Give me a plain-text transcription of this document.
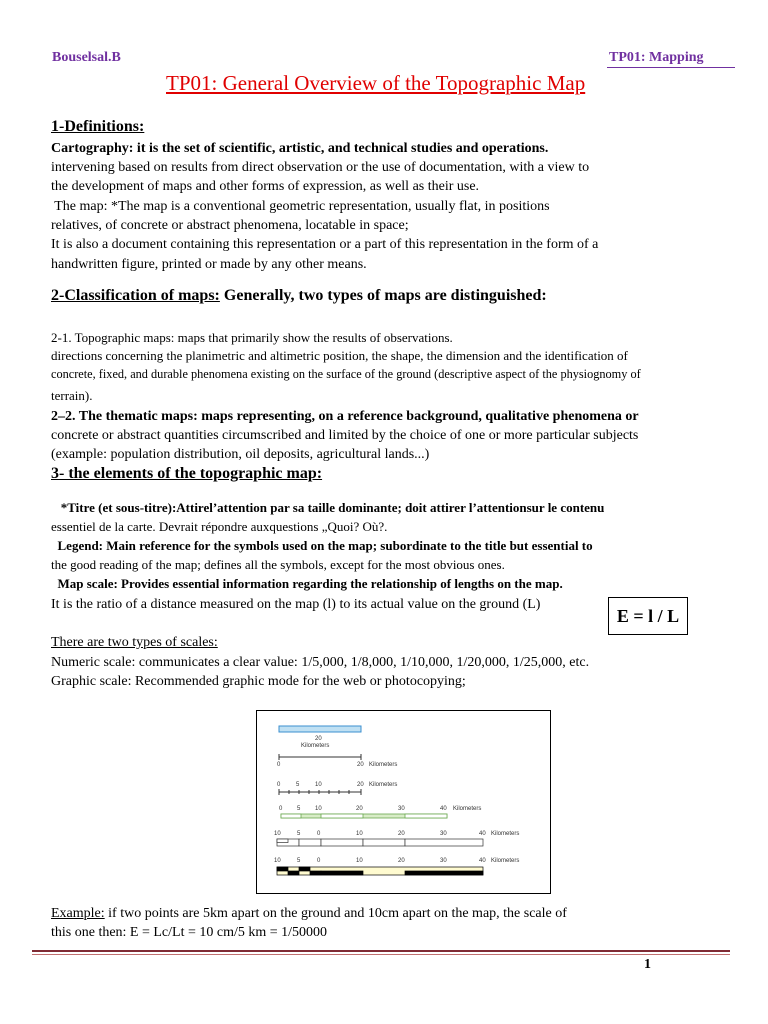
Bouselsal.B	TP01: Mapping
TP01: General Overview of the Topographic Map
1-Definitions:
Cartography: it is the set of scientific, artistic, and technical studies and operations.
intervening based on results from direct observation or the use of documentation, with a view to
the development of maps and other forms of expression, as well as their use.
The map: *The map is a conventional geometric representation, usually flat, in positions
relatives, of concrete or abstract phenomena, locatable in space;
It is also a document containing this representation or a part of this representation in the form of a
handwritten figure, printed or made by any other means.
2-Classification of maps: Generally, two types of maps are distinguished:
2-1. Topographic maps: maps that primarily show the results of observations.
directions concerning the planimetric and altimetric position, the shape, the dimension and the identification of
concrete, fixed, and durable phenomena existing on the surface of the ground (descriptive aspect of the physiognomy of
terrain).
2–2. The thematic maps: maps representing, on a reference background, qualitative phenomena or
concrete or abstract quantities circumscribed and limited by the choice of one or more particular subjects
(example: population distribution, oil deposits, agricultural lands...)
3- the elements of the topographic map:
*Titre (et sous-titre):Attirel’attention par sa taille dominante; doit attirer l’attentionsur le contenu
essentiel de la carte. Devrait répondre auxquestions „Quoi? Où?.
Legend: Main reference for the symbols used on the map; subordinate to the title but essential to
the good reading of the map; defines all the symbols, except for the most obvious ones.
Map scale: Provides essential information regarding the relationship of lengths on the map.
It is the ratio of a distance measured on the map (l) to its actual value on the ground (L)
E = l / L
There are two types of scales:
Numeric scale: communicates a clear value: 1/5,000, 1/8,000, 1/10,000, 1/20,000, 1/25,000, etc.
Graphic scale: Recommended graphic mode for the web or photocopying;
20
Kilometers
0	20 Kilometers
0	5	10	20 Kilometers
0 5 10	20	30	40 Kilometers
10	5	0	10	20	30	40 Kilometers
10	5	0	10	20	30	40 Kilometers
Example: if two points are 5km apart on the ground and 10cm apart on the map, the scale of
this one then: E = Lc/Lt = 10 cm/5 km = 1/50000
1
